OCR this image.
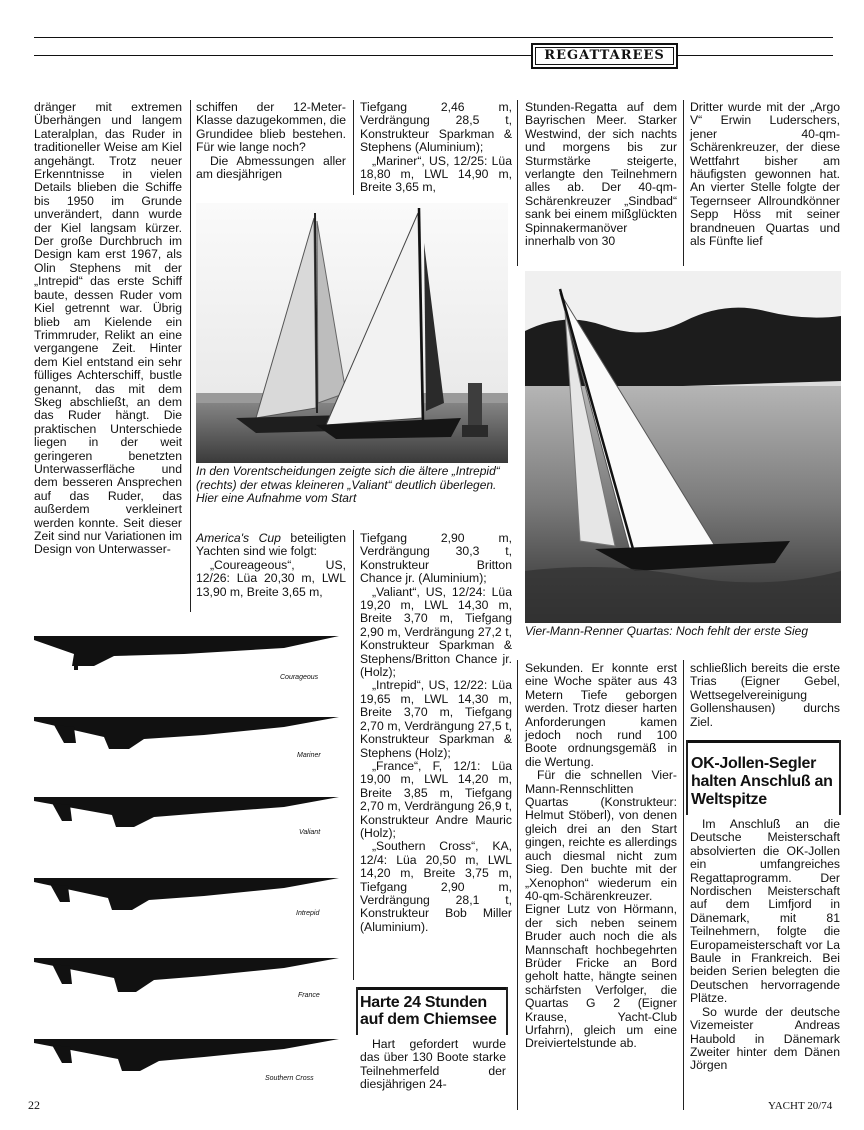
REGATTAREES

dränger mit extremen Überhängen und langem Lateralplan, das Ruder in traditioneller Weise am Kiel angehängt. Trotz neuer Erkenntnisse in vielen Details blieben die Schiffe bis 1950 im Grunde unverändert, dann wurde der Kiel langsam kürzer. Der große Durchbruch im Design kam erst 1967, als Olin Stephens mit der „Intrepid“ das erste Schiff baute, dessen Ruder vom Kiel getrennt war. Übrig blieb am Kielende ein Trimmruder, Relikt an eine vergangene Zeit. Hinter dem Kiel entstand ein sehr fülliges Achterschiff, bustle genannt, das mit dem Skeg abschließt, an dem das Ruder hängt. Die praktischen Unterschiede liegen in der weit geringeren benetzten Unterwasserfläche und dem besseren Ansprechen auf das Ruder, das außerdem verkleinert werden konnte. Seit dieser Zeit sind nur Variationen im Design von Unterwasser-

schiffen der 12-Meter-Klasse dazugekommen, die Grundidee blieb bestehen. Für wie lange noch?

Die Abmessungen aller am diesjährigen

Tiefgang 2,46 m, Verdrängung 28,5 t, Konstrukteur Sparkman & Stephens (Aluminium);

„Mariner“, US, 12/25: Lüa 18,80 m, LWL 14,90 m, Breite 3,65 m,

In den Vorentscheidungen zeigte sich die ältere „Intrepid“ (rechts) der etwas kleineren „Valiant“ deutlich überlegen. Hier eine Aufnahme vom Start

America's Cup beteiligten Yachten sind wie folgt:

„Coureageous“, US, 12/26: Lüa 20,30 m, LWL 13,90 m, Breite 3,65 m,

Tiefgang 2,90 m, Verdrängung 30,3 t, Konstrukteur Britton Chance jr. (Aluminium);

„Valiant“, US, 12/24: Lüa 19,20 m, LWL 14,30 m, Breite 3,70 m, Tiefgang 2,90 m, Verdrängung 27,2 t, Konstrukteur Sparkman & Stephens/Britton Chance jr. (Holz);

„Intrepid“, US, 12/22: Lüa 19,65 m, LWL 14,30 m, Breite 3,70 m, Tiefgang 2,70 m, Verdrängung 27,5 t, Konstrukteur Sparkman & Stephens (Holz);

„France“, F, 12/1: Lüa 19,00 m, LWL 14,20 m, Breite 3,85 m, Tiefgang 2,70 m, Verdrängung 26,9 t, Konstrukteur Andre Mauric (Holz);

„Southern Cross“, KA, 12/4: Lüa 20,50 m, LWL 14,20 m, Breite 3,75 m, Tiefgang 2,90 m, Verdrängung 28,1 t, Konstrukteur Bob Miller (Aluminium).

Courageous
Mariner
Valiant
Intrepid
France
Southern Cross
Harte 24 Stunden auf dem Chiemsee

Hart gefordert wurde das über 130 Boote starke Teilnehmerfeld der diesjährigen 24-

Stunden-Regatta auf dem Bayrischen Meer. Starker Westwind, der sich nachts und morgens bis zur Sturmstärke steigerte, verlangte den Teilnehmern alles ab. Der 40-qm-Schärenkreuzer „Sindbad“ sank bei einem mißglückten Spinnakermanöver innerhalb von 30

Dritter wurde mit der „Argo V“ Erwin Luderschers, jener 40-qm-Schärenkreuzer, der diese Wettfahrt bisher am häufigsten gewonnen hat. An vierter Stelle folgte der Tegernseer Allroundkönner Sepp Höss mit seiner brandneuen Quartas und als Fünfte lief

Vier-Mann-Renner Quartas: Noch fehlt der erste Sieg

Sekunden. Er konnte erst eine Woche später aus 43 Metern Tiefe geborgen werden. Trotz dieser harten Anforderungen kamen jedoch noch rund 100 Boote ordnungsgemäß in die Wertung.

Für die schnellen Vier-Mann-Rennschlitten Quartas (Konstrukteur: Helmut Stöberl), von denen gleich drei an den Start gingen, reichte es allerdings auch diesmal nicht zum Sieg. Den buchte mit der „Xenophon“ wiederum ein 40-qm-Schärenkreuzer. Eigner Lutz von Hörmann, der sich neben seinem Bruder auch noch die als Mannschaft hochbegehrten Brüder Fricke an Bord geholt hatte, hängte seinen schärfsten Verfolger, die Quartas G 2 (Eigner Krause, Yacht-Club Urfahrn), gleich um eine Dreiviertelstunde ab.

schließlich bereits die erste Trias (Eigner Gebel, Wettsegelvereinigung Gollenshausen) durchs Ziel.

OK-Jollen-Segler halten Anschluß an Weltspitze

Im Anschluß an die Deutsche Meisterschaft absolvierten die OK-Jollen ein umfangreiches Regattaprogramm. Der Nordischen Meisterschaft auf dem Limfjord in Dänemark, mit 81 Teilnehmern, folgte die Europameisterschaft vor La Baule in Frankreich. Bei beiden Serien belegten die Deutschen hervorragende Plätze.

So wurde der deutsche Vizemeister Andreas Haubold in Dänemark Zweiter hinter dem Dänen Jörgen

22	YACHT 20/74
